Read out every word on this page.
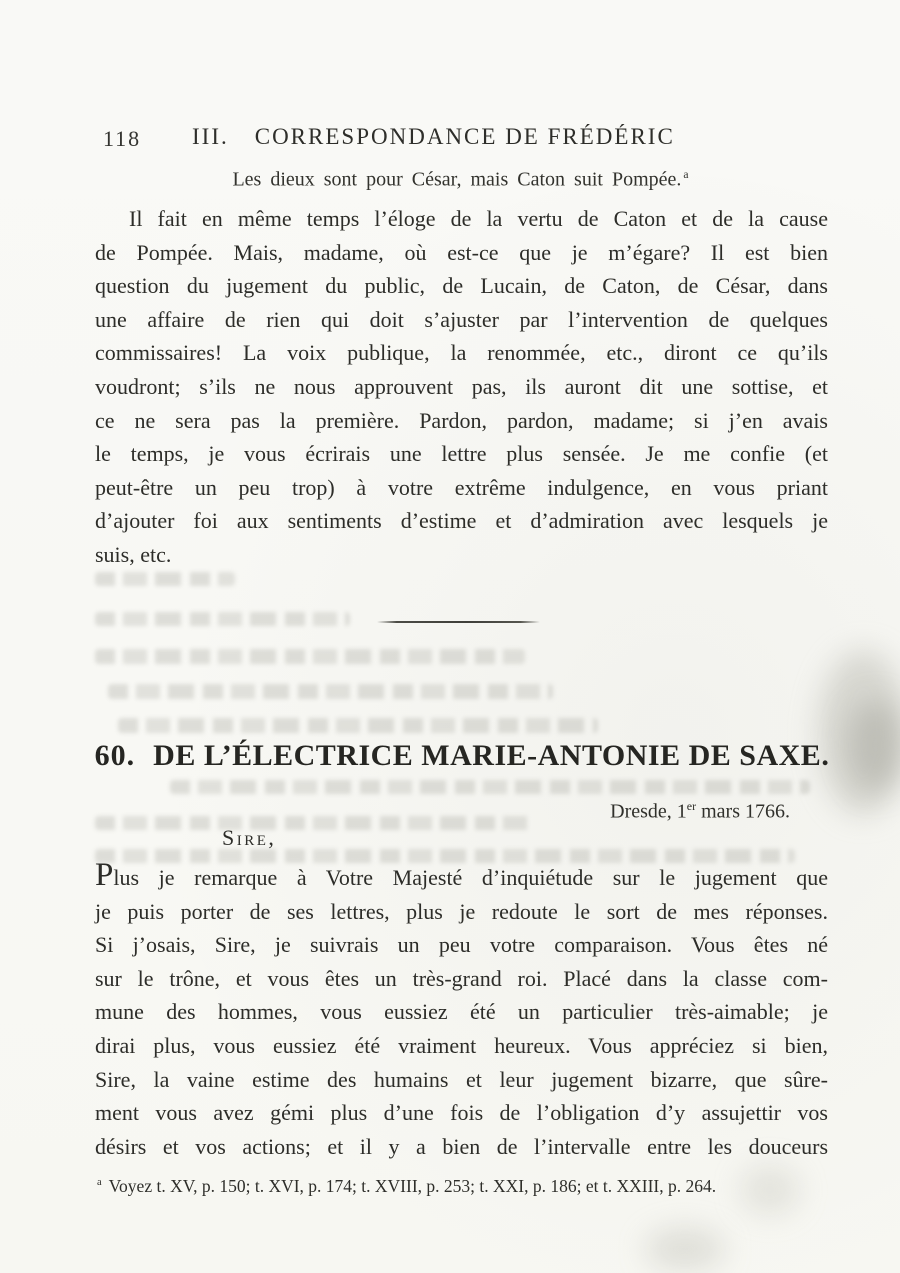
118 III. CORRESPONDANCE DE FRÉDÉRIC
Les dieux sont pour César, mais Caton suit Pompée. $^a$
Il fait en même temps l’éloge de la vertu de Caton et de la cause
de Pompée. Mais, madame, où est-ce que je m’égare? Il est bien
question du jugement du public, de Lucain, de Caton, de César, dans
une affaire de rien qui doit s’ajuster par l’intervention de quelques
commissaires! La voix publique, la renommée, etc., diront ce qu’ils
voudront; s’ils ne nous approuvent pas, ils auront dit une sottise, et
ce ne sera pas la première. Pardon, pardon, madame; si j’en avais
le temps, je vous écrirais une lettre plus sensée. Je me confie (et
peut-être un peu trop) à votre extrême indulgence, en vous priant
d’ajouter foi aux sentiments d’estime et d’admiration avec lesquels je
suis, etc.
60. DE L’ÉLECTRICE MARIE-ANTONIE DE SAXE.
Dresde, 1er mars 1766.
Sire,
Plus je remarque à Votre Majesté d’inquiétude sur le jugement que
je puis porter de ses lettres, plus je redoute le sort de mes réponses.
Si j’osais, Sire, je suivrais un peu votre comparaison. Vous êtes né
sur le trône, et vous êtes un très-grand roi. Placé dans la classe com-
mune des hommes, vous eussiez été un particulier très-aimable; je
dirai plus, vous eussiez été vraiment heureux. Vous appréciez si bien,
Sire, la vaine estime des humains et leur jugement bizarre, que sûre-
ment vous avez gémi plus d’une fois de l’obligation d’y assujettir vos
désirs et vos actions; et il y a bien de l’intervalle entre les douceurs
$^a$ Voyez t. XV, p. 150; t. XVI, p. 174; t. XVIII, p. 253; t. XXI, p. 186; et t. XXIII, p. 264.
